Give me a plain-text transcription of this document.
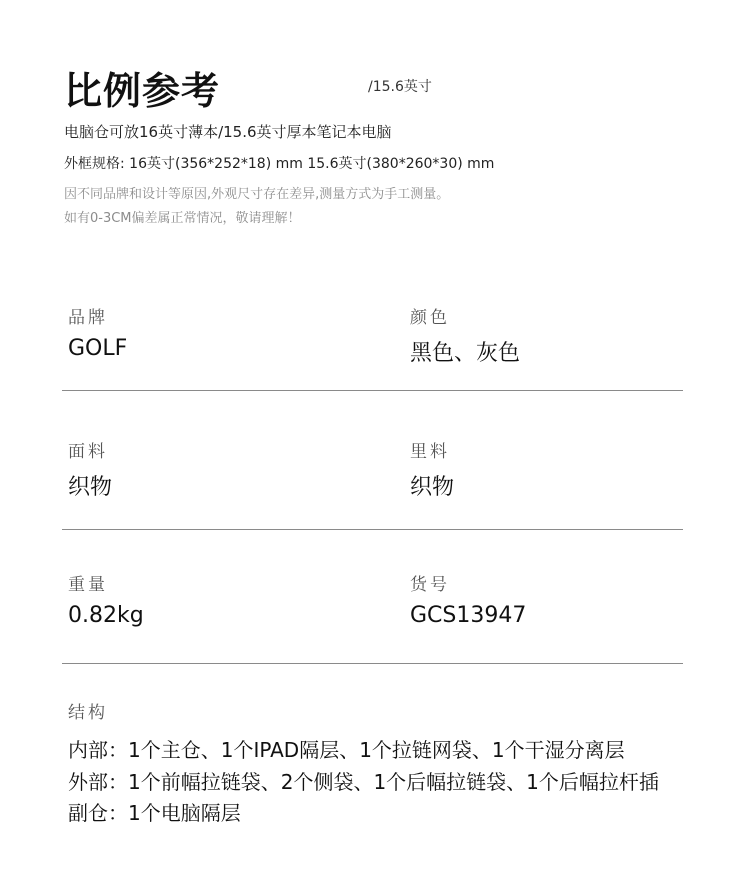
比例参考	/15.6英寸
电脑仓可放16英寸薄本/15.6英寸厚本笔记本电脑
外框规格: 16英寸(356*252*18) mm 15.6英寸(380*260*30) mm
因不同品牌和设计等原因,外观尺寸存在差异,测量方式为手工测量。
如有0-3CM偏差属正常情况，敬请理解！
品牌
GOLF
颜色
黑色、灰色
面料
织物
里料
织物
重量
0.82kg
货号
GCS13947
结构
内部：1个主仓、1个IPAD隔层、1个拉链网袋、1个干湿分离层
外部：1个前幅拉链袋、2个侧袋、1个后幅拉链袋、1个后幅拉杆插
副仓：1个电脑隔层
